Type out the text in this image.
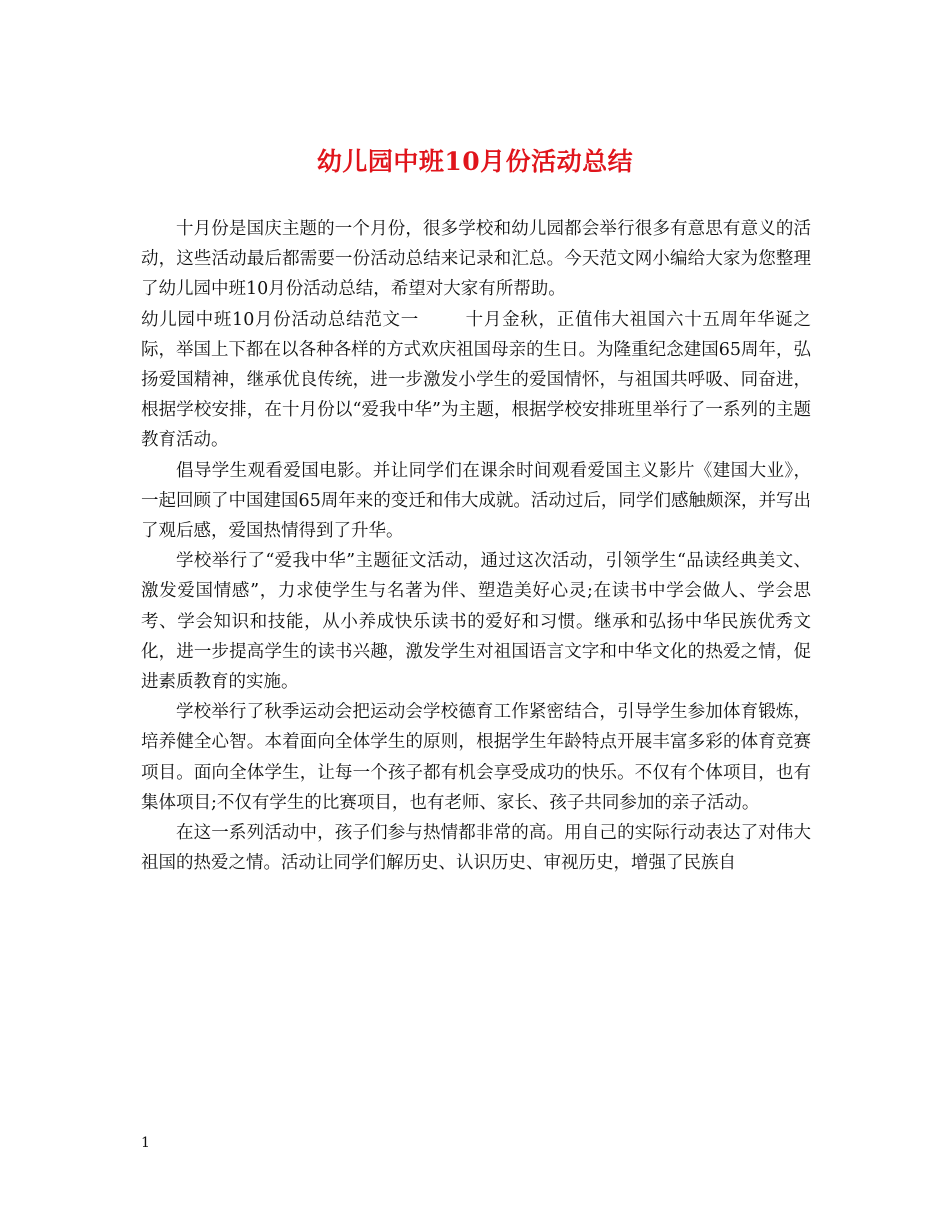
幼儿园中班10月份活动总结

十月份是国庆主题的一个月份，很多学校和幼儿园都会举行很多有意思有意义的活动，这些活动最后都需要一份活动总结来记录和汇总。今天范文网小编给大家为您整理了幼儿园中班10月份活动总结，希望对大家有所帮助。

幼儿园中班10月份活动总结范文一	十月金秋，正值伟大祖国六十五周年华诞之际，举国上下都在以各种各样的方式欢庆祖国母亲的生日。为隆重纪念建国65周年，弘扬爱国精神，继承优良传统，进一步激发小学生的爱国情怀，与祖国共呼吸、同奋进，根据学校安排，在十月份以“爱我中华”为主题，根据学校安排班里举行了一系列的主题教育活动。

倡导学生观看爱国电影。并让同学们在课余时间观看爱国主义影片《建国大业》，一起回顾了中国建国65周年来的变迁和伟大成就。活动过后，同学们感触颇深，并写出了观后感，爱国热情得到了升华。

学校举行了“爱我中华”主题征文活动，通过这次活动，引领学生“品读经典美文、激发爱国情感”，力求使学生与名著为伴、塑造美好心灵;在读书中学会做人、学会思考、学会知识和技能，从小养成快乐读书的爱好和习惯。继承和弘扬中华民族优秀文化，进一步提高学生的读书兴趣，激发学生对祖国语言文字和中华文化的热爱之情，促进素质教育的实施。

学校举行了秋季运动会把运动会学校德育工作紧密结合，引导学生参加体育锻炼，培养健全心智。本着面向全体学生的原则，根据学生年龄特点开展丰富多彩的体育竞赛项目。面向全体学生，让每一个孩子都有机会享受成功的快乐。不仅有个体项目，也有集体项目;不仅有学生的比赛项目，也有老师、家长、孩子共同参加的亲子活动。

在这一系列活动中，孩子们参与热情都非常的高。用自己的实际行动表达了对伟大祖国的热爱之情。活动让同学们解历史、认识历史、审视历史，增强了民族自

1
